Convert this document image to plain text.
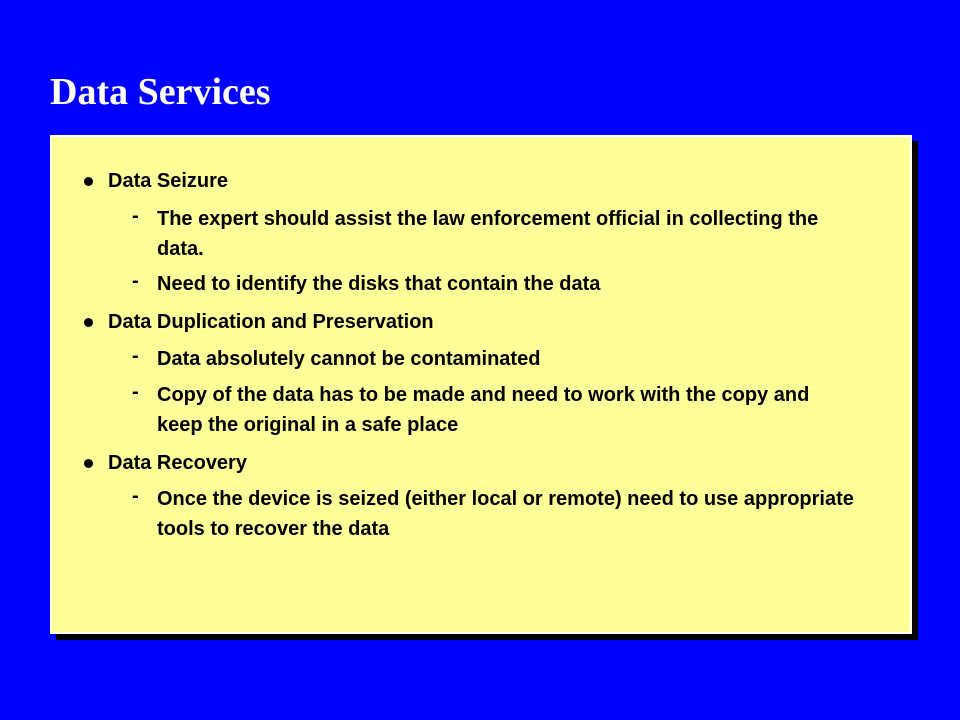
Data Services
Data Seizure
- The expert should assist the law enforcement official in collecting the data.
- Need to identify the disks that contain the data
Data Duplication and Preservation
- Data absolutely cannot be contaminated
- Copy of the data has to be made and need to work with the copy and keep the original in a safe place
Data Recovery
- Once the device is seized (either local or remote) need to use appropriate tools to recover the data
